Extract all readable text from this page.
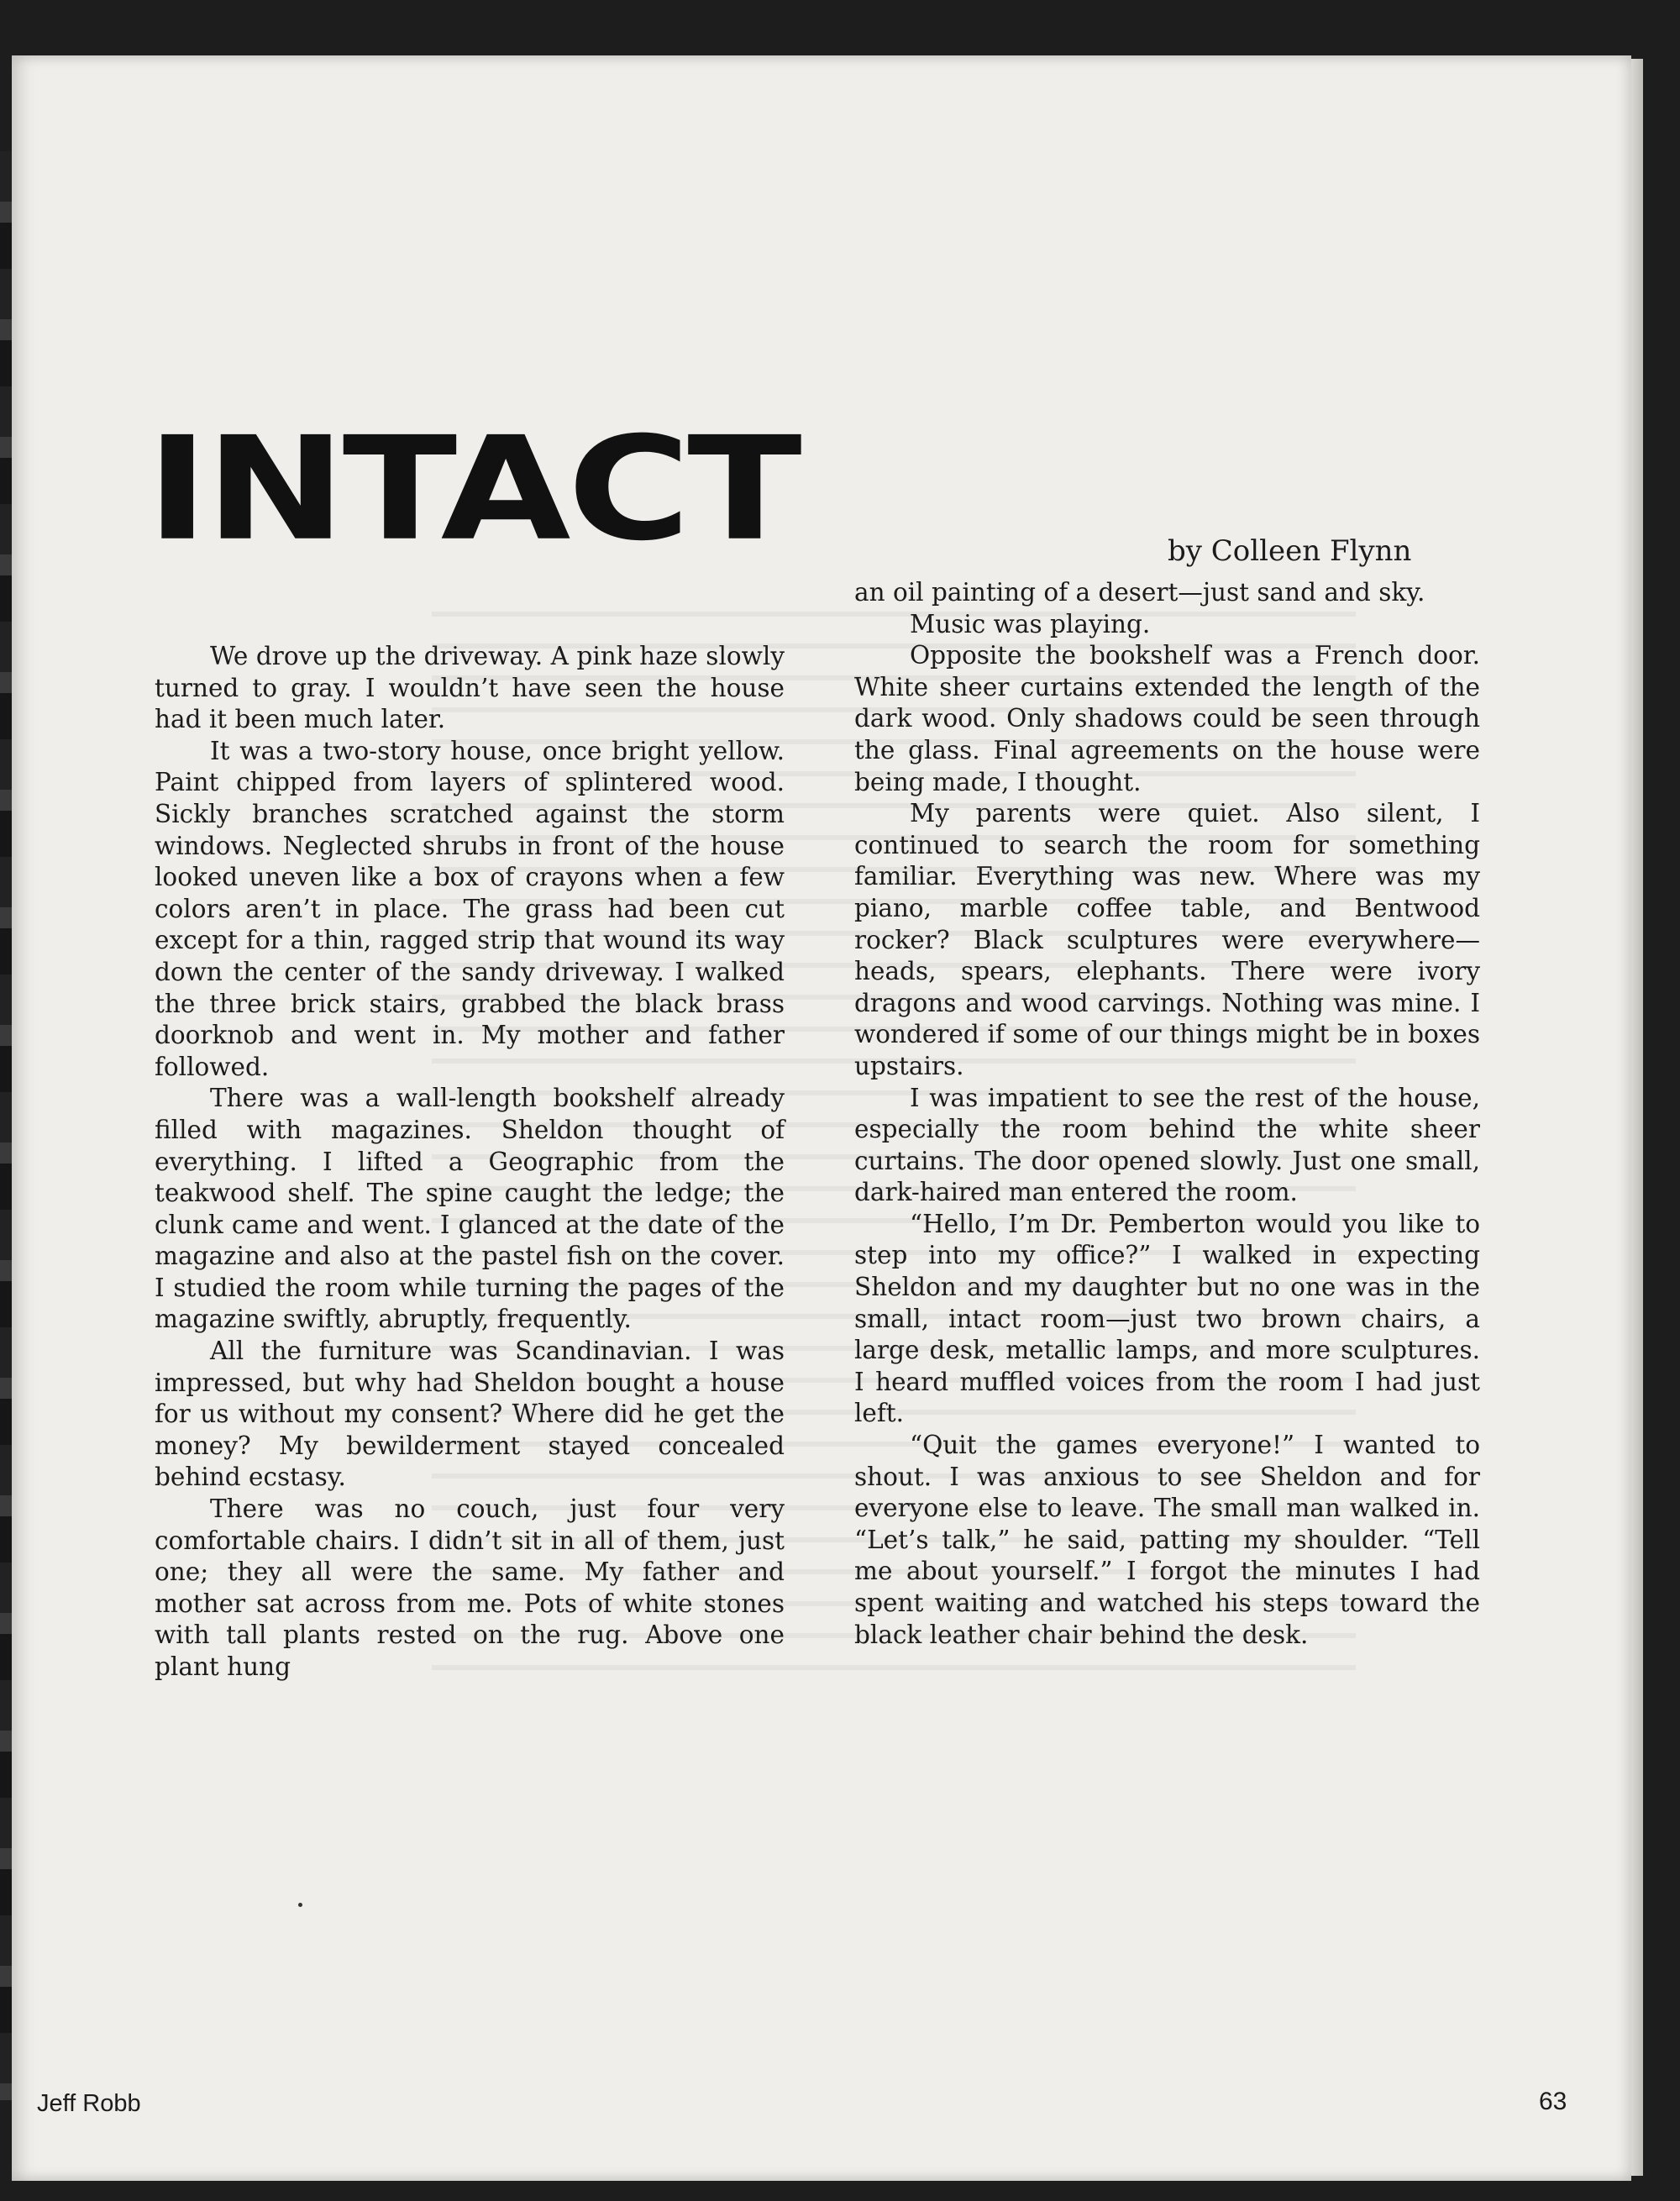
INTACT	by Colleen Flynn

We drove up the driveway. A pink haze slowly turned to gray. I wouldn’t have seen the house had it been much later.

It was a two-story house, once bright yellow. Paint chipped from layers of splintered wood. Sickly branches scratched against the storm windows. Neglected shrubs in front of the house looked uneven like a box of crayons when a few colors aren’t in place. The grass had been cut except for a thin, ragged strip that wound its way down the center of the sandy driveway. I walked the three brick stairs, grabbed the black brass doorknob and went in. My mother and father followed.

There was a wall-length bookshelf already filled with magazines. Sheldon thought of everything. I lifted a Geographic from the teakwood shelf. The spine caught the ledge; the clunk came and went. I glanced at the date of the magazine and also at the pastel fish on the cover. I studied the room while turning the pages of the magazine swiftly, abruptly, frequently.

All the furniture was Scandinavian. I was impressed, but why had Sheldon bought a house for us without my consent? Where did he get the money? My bewilderment stayed concealed behind ecstasy.

There was no couch, just four very comfortable chairs. I didn’t sit in all of them, just one; they all were the same. My father and mother sat across from me. Pots of white stones with tall plants rested on the rug. Above one plant hung

an oil painting of a desert—just sand and sky.

Music was playing.

Opposite the bookshelf was a French door. White sheer curtains extended the length of the dark wood. Only shadows could be seen through the glass. Final agreements on the house were being made, I thought.

My parents were quiet. Also silent, I continued to search the room for something familiar. Everything was new. Where was my piano, marble coffee table, and Bentwood rocker? Black sculptures were everywhere—heads, spears, elephants. There were ivory dragons and wood carvings. Nothing was mine. I wondered if some of our things might be in boxes upstairs.

I was impatient to see the rest of the house, especially the room behind the white sheer curtains. The door opened slowly. Just one small, dark-haired man entered the room.

“Hello, I’m Dr. Pemberton would you like to step into my office?” I walked in expecting Sheldon and my daughter but no one was in the small, intact room—just two brown chairs, a large desk, metallic lamps, and more sculptures. I heard muffled voices from the room I had just left.

“Quit the games everyone!” I wanted to shout. I was anxious to see Sheldon and for everyone else to leave. The small man walked in. “Let’s talk,” he said, patting my shoulder. “Tell me about yourself.” I forgot the minutes I had spent waiting and watched his steps toward the black leather chair behind the desk.

Jeff Robb	63
